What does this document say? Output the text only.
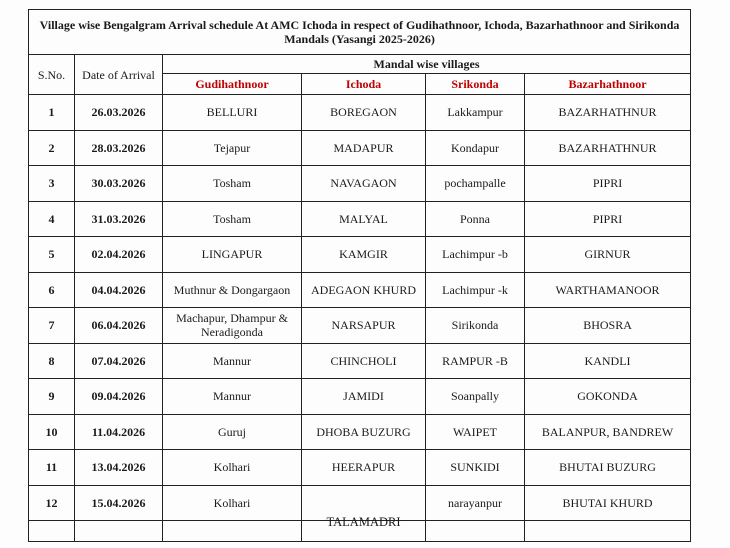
Village wise Bengalgram Arrival schedule At AMC Ichoda in respect of Gudihathnoor, Ichoda, Bazarhathnoor and Sirikonda Mandals (Yasangi 2025-2026)					
S.No.	Date of Arrival	Mandal wise villages			
		Gudihathnoor	Ichoda	Srikonda	Bazarhathnoor
1	26.03.2026	BELLURI	BOREGAON	Lakkampur	BAZARHATHNUR
2	28.03.2026	Tejapur	MADAPUR	Kondapur	BAZARHATHNUR
3	30.03.2026	Tosham	NAVAGAON	pochampalle	PIPRI
4	31.03.2026	Tosham	MALYAL	Ponna	PIPRI
5	02.04.2026	LINGAPUR	KAMGIR	Lachimpur -b	GIRNUR
6	04.04.2026	Muthnur & Dongargaon	ADEGAON KHURD	Lachimpur -k	WARTHAMANOOR
7	06.04.2026	Machapur, Dhampur & Neradigonda	NARSAPUR	Sirikonda	BHOSRA
8	07.04.2026	Mannur	CHINCHOLI	RAMPUR -B	KANDLI
9	09.04.2026	Mannur	JAMIDI	Soanpally	GOKONDA
10	11.04.2026	Guruj	DHOBA BUZURG	WAIPET	BALANPUR, BANDREW
11	13.04.2026	Kolhari	HEERAPUR	SUNKIDI	BHUTAI BUZURG
12	15.04.2026	Kolhari		narayanpur	BHUTAI KHURD

			TALAMADRI		
